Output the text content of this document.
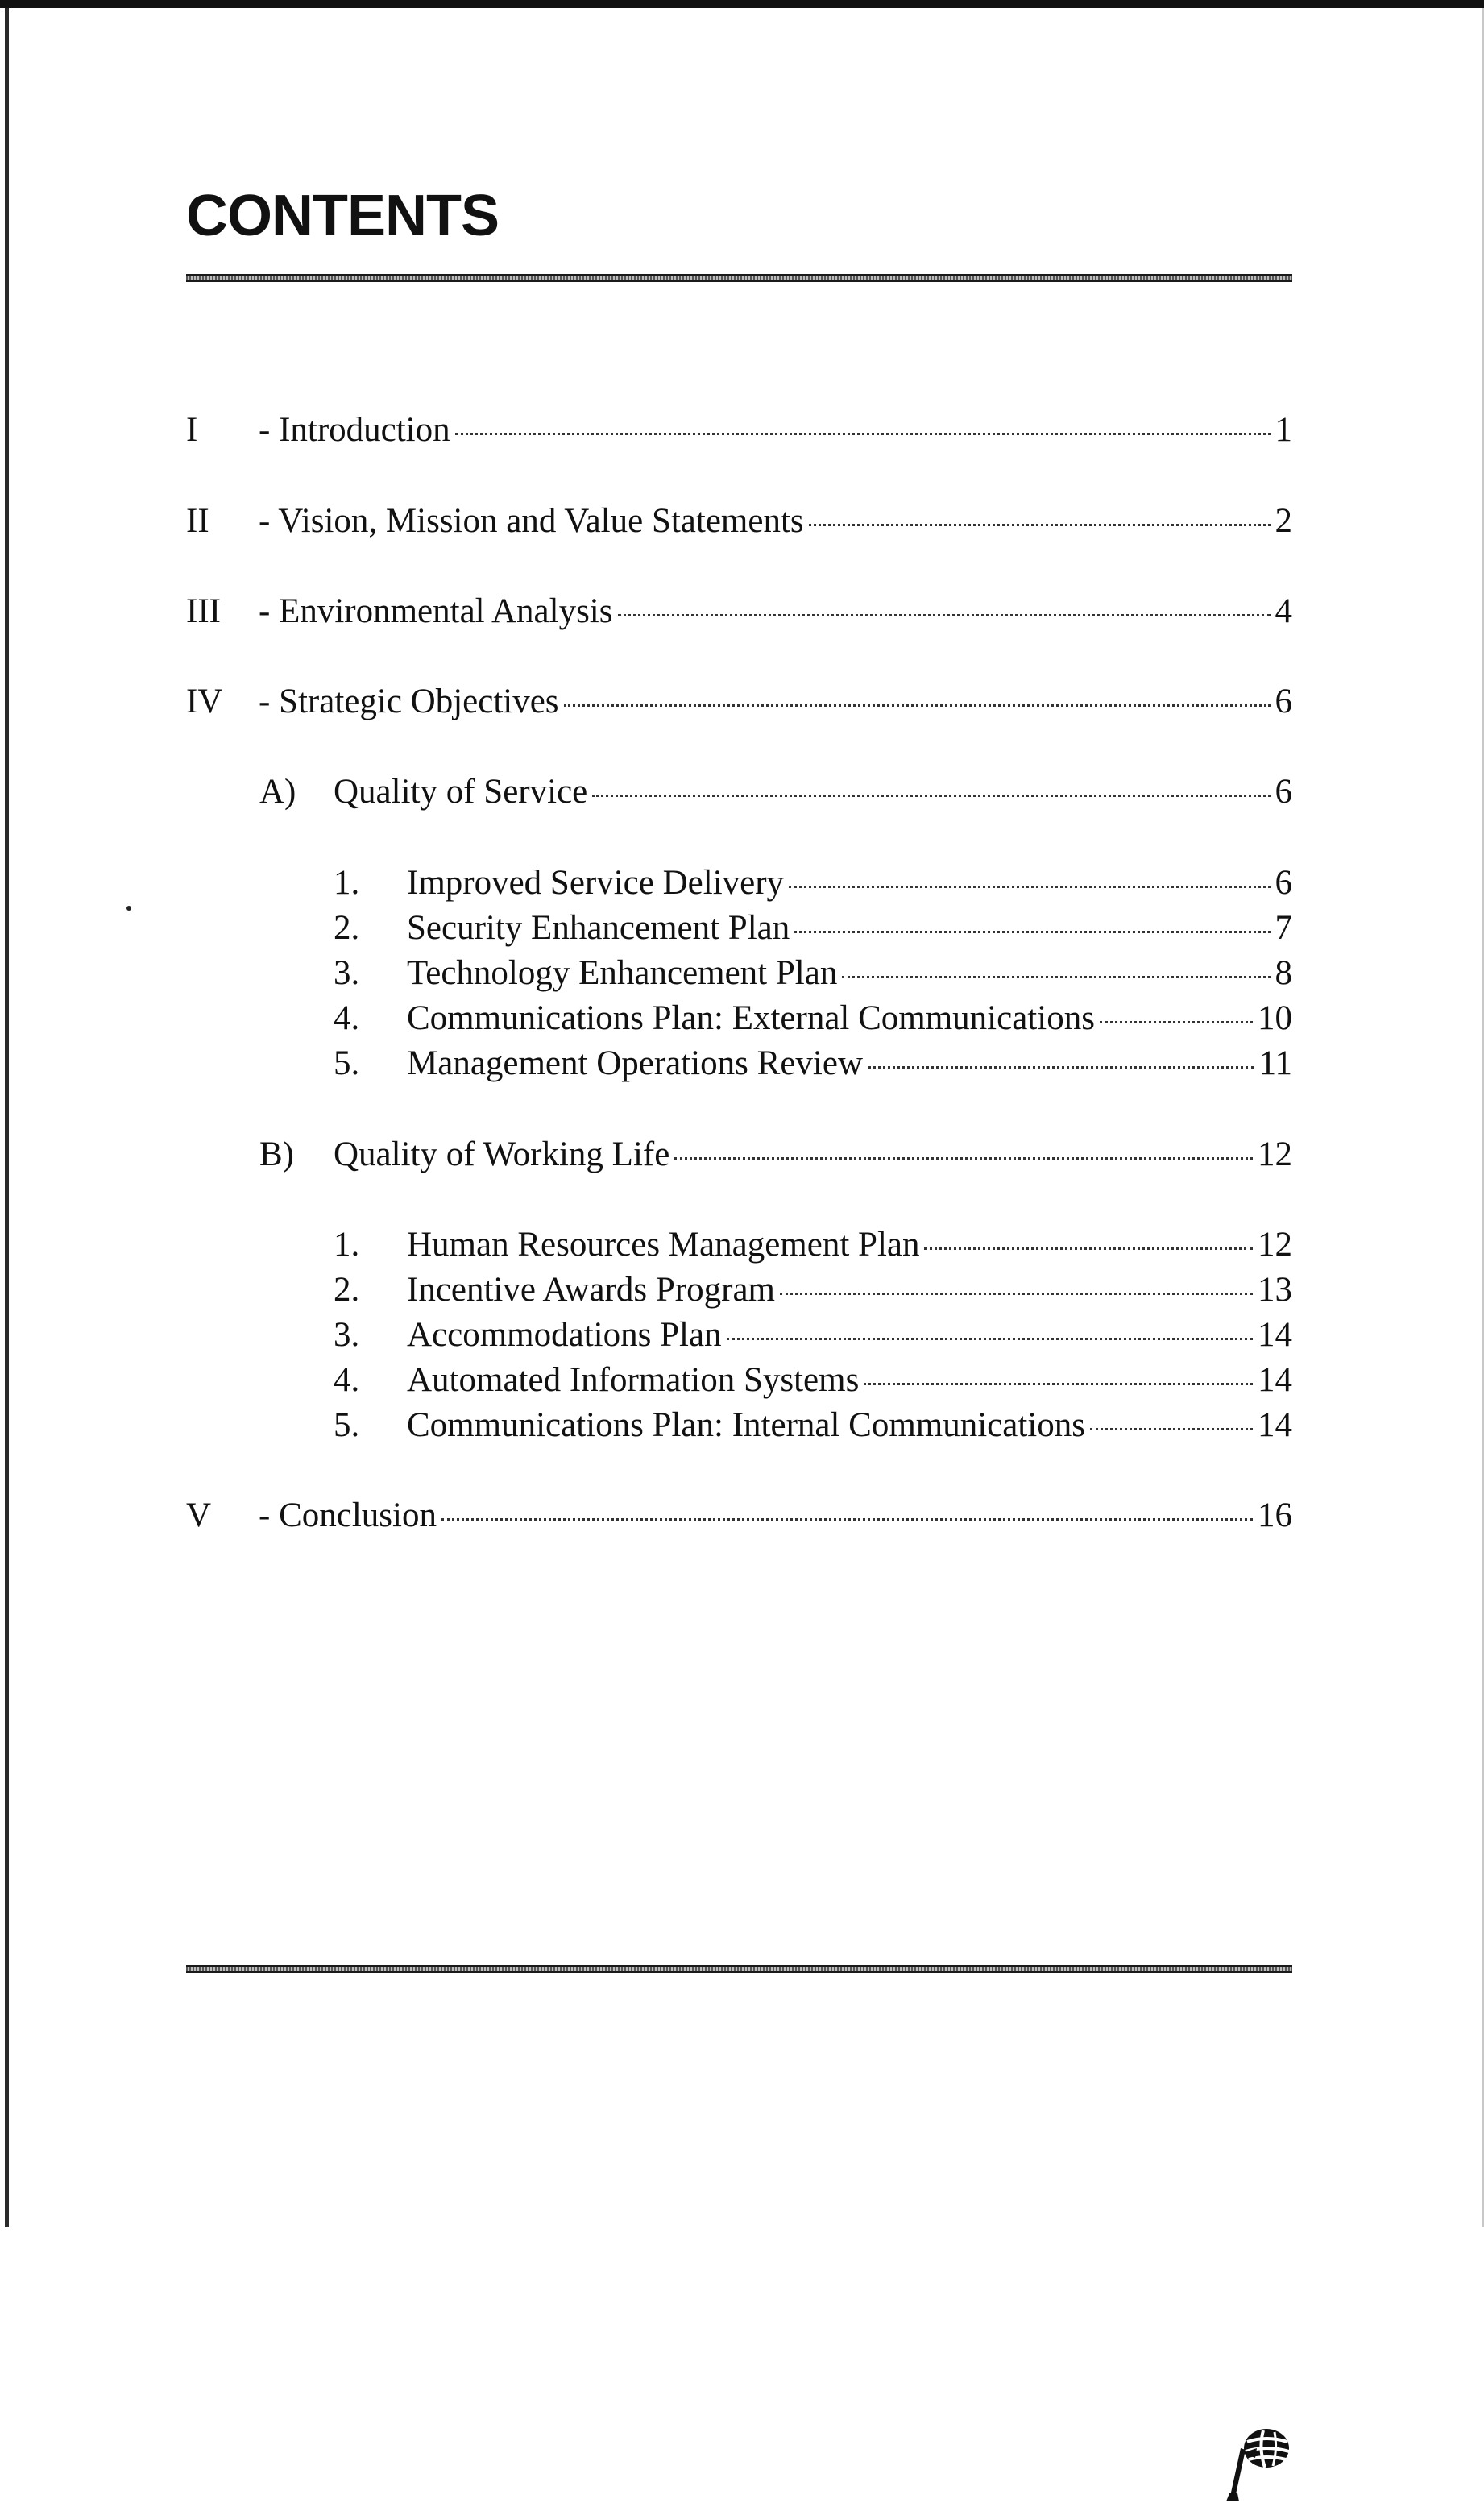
CONTENTS
I	- Introduction	1
II	- Vision, Mission and Value Statements	2
III	- Environmental Analysis	4
IV	- Strategic Objectives	6
A)	Quality of Service	6
1.	Improved Service Delivery	6
2.	Security Enhancement Plan	7
3.	Technology Enhancement Plan	8
4.	Communications Plan: External Communications	10
5.	Management Operations Review	11
B)	Quality of Working Life	12
1.	Human Resources Management Plan	12
2.	Incentive Awards Program	13
3.	Accommodations Plan	14
4.	Automated Information Systems	14
5.	Communications Plan: Internal Communications	14
V	- Conclusion	16
